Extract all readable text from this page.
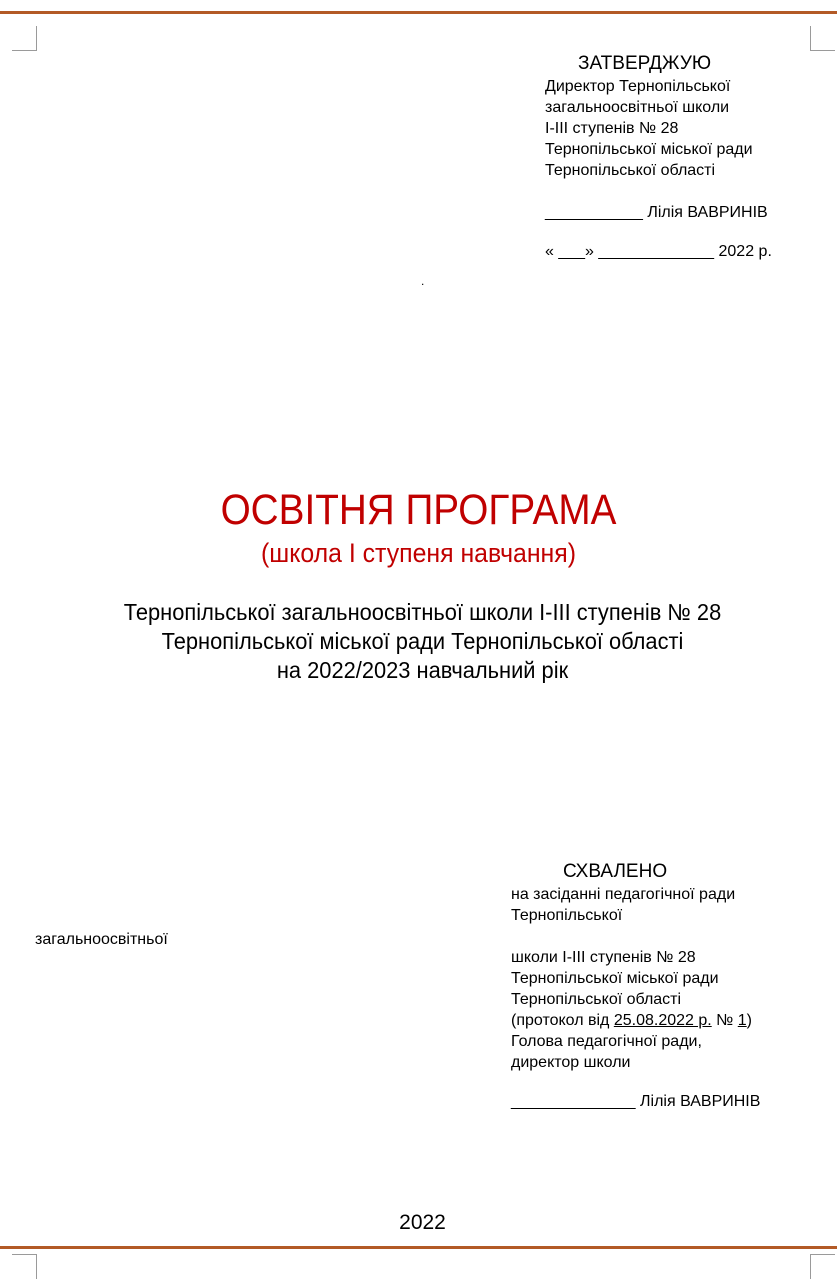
ЗАТВЕРДЖУЮ
Директор Тернопільської
загальноосвітньої школи
І-ІІІ ступенів № 28
Тернопільської міської ради
Тернопільської області
___________ Лілія ВАВРИНІВ
« ___» _____________ 2022 р.
.
ОСВІТНЯ ПРОГРАМА
(школа І ступеня навчання)
Тернопільської загальноосвітньої школи І-ІІІ ступенів № 28
Тернопільської міської ради Тернопільської області
на 2022/2023 навчальний рік
СХВАЛЕНО
на засіданні педагогічної ради
Тернопільської
школи І-ІІІ ступенів № 28
Тернопільської міської ради
Тернопільської області
(протокол від 25.08.2022 р. № 1)
Голова педагогічної ради,
директор школи
______________ Лілія ВАВРИНІВ
загальноосвітньої
2022
